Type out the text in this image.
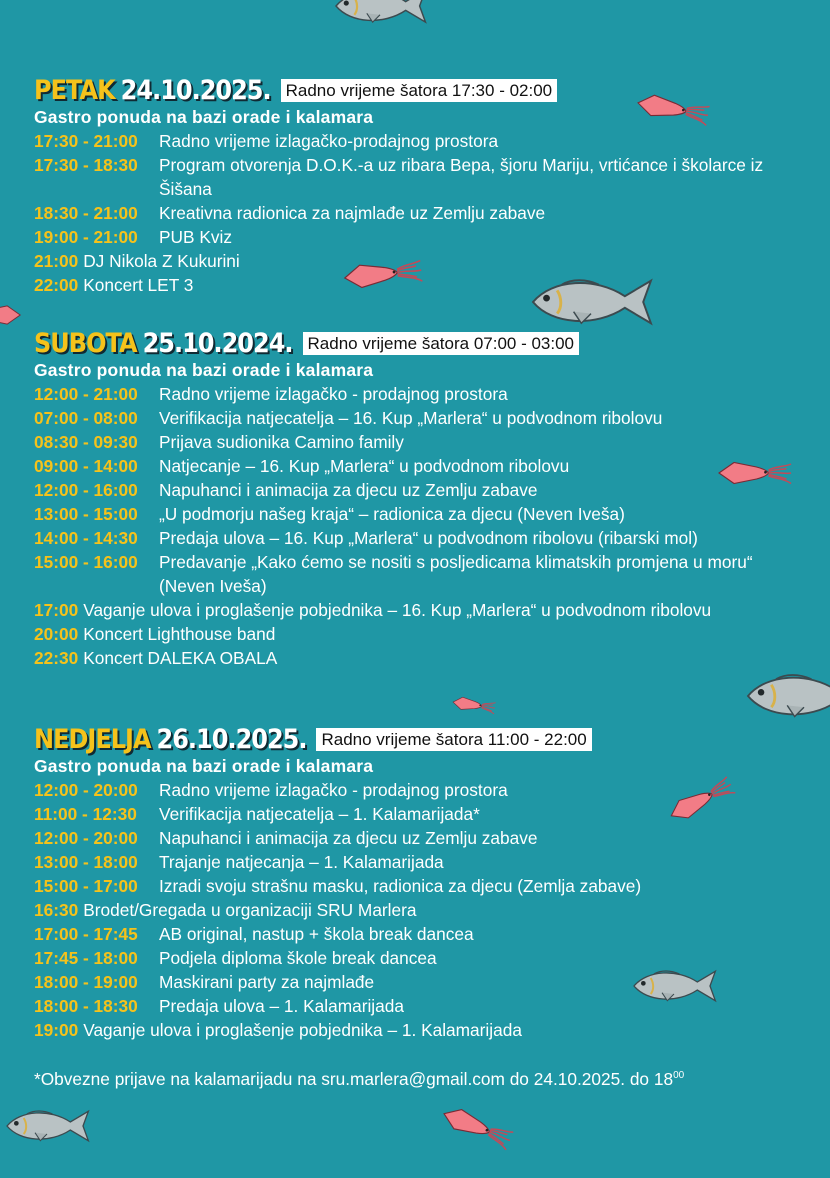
PETAK 24.10.2025. Radno vrijeme šatora 17:30 - 02:00
Gastro ponuda na bazi orade i kalamara
17:30 - 21:00	Radno vrijeme izlagačko-prodajnog prostora
17:30 - 18:30	Program otvorenja D.O.K.-a uz ribara Bepa, šjoru Mariju, vrtićance i školarce iz Šišana
18:30 - 21:00	Kreativna radionica za najmlađe uz Zemlju zabave
19:00 - 21:00	PUB Kviz
21:00 DJ Nikola Z Kukurini
22:00 Koncert LET 3
SUBOTA 25.10.2024. Radno vrijeme šatora 07:00 - 03:00
Gastro ponuda na bazi orade i kalamara
12:00 - 21:00	Radno vrijeme izlagačko - prodajnog prostora
07:00 - 08:00	Verifikacija natjecatelja – 16. Kup „Marlera“ u podvodnom ribolovu
08:30 - 09:30	Prijava sudionika Camino family
09:00 - 14:00	Natjecanje – 16. Kup „Marlera“ u podvodnom ribolovu
12:00 - 16:00	Napuhanci i animacija za djecu uz Zemlju zabave
13:00 - 15:00	„U podmorju našeg kraja“ – radionica za djecu (Neven Iveša)
14:00 - 14:30	Predaja ulova – 16. Kup „Marlera“ u podvodnom ribolovu (ribarski mol)
15:00 - 16:00	Predavanje „Kako ćemo se nositi s posljedicama klimatskih promjena u moru“ (Neven Iveša)
17:00 Vaganje ulova i proglašenje pobjednika – 16. Kup „Marlera“ u podvodnom ribolovu
20:00 Koncert Lighthouse band
22:30 Koncert DALEKA OBALA
NEDJELJA 26.10.2025. Radno vrijeme šatora 11:00 - 22:00
Gastro ponuda na bazi orade i kalamara
12:00 - 20:00	Radno vrijeme izlagačko - prodajnog prostora
11:00 - 12:30	Verifikacija natjecatelja – 1. Kalamarijada*
12:00 - 20:00	Napuhanci i animacija za djecu uz Zemlju zabave
13:00 - 18:00	Trajanje natjecanja – 1. Kalamarijada
15:00 - 17:00	Izradi svoju strašnu masku, radionica za djecu (Zemlja zabave)
16:30 Brodet/Gregada u organizaciji SRU Marlera
17:00 - 17:45	AB original, nastup + škola break dancea
17:45 - 18:00	Podjela diploma škole break dancea
18:00 - 19:00	Maskirani party za najmlađe
18:00 - 18:30	Predaja ulova – 1. Kalamarijada
19:00 Vaganje ulova i proglašenje pobjednika – 1. Kalamarijada
*Obvezne prijave na kalamarijadu na sru.marlera@gmail.com do 24.10.2025. do $18^{00}$
